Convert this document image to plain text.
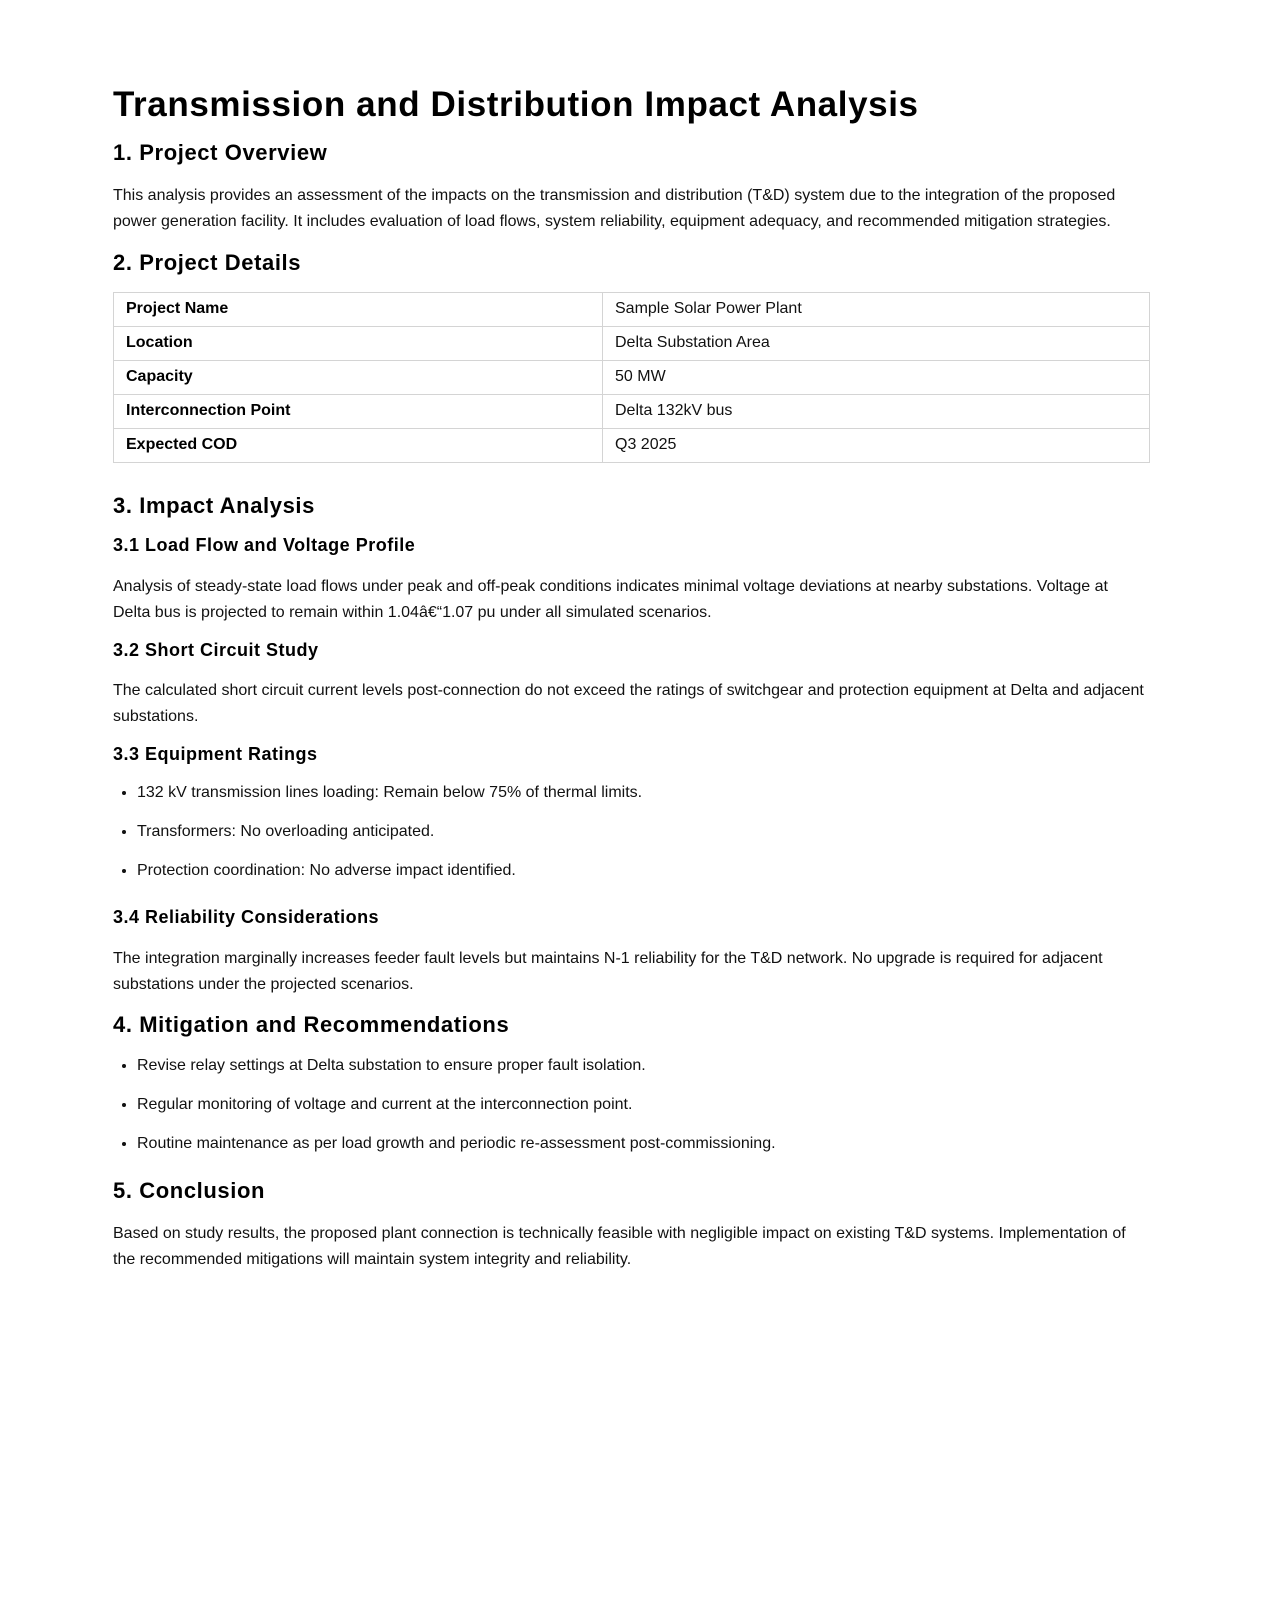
Transmission and Distribution Impact Analysis
1. Project Overview

This analysis provides an assessment of the impacts on the transmission and distribution (T&D) system due to the integration of the proposed power generation facility. It includes evaluation of load flows, system reliability, equipment adequacy, and recommended mitigation strategies.

2. Project Details
Project Name	Sample Solar Power Plant
Location	Delta Substation Area
Capacity	50 MW
Interconnection Point	Delta 132kV bus
Expected COD	Q3 2025
3. Impact Analysis
3.1 Load Flow and Voltage Profile

Analysis of steady-state load flows under peak and off-peak conditions indicates minimal voltage deviations at nearby substations. Voltage at Delta bus is projected to remain within 1.04â€“1.07 pu under all simulated scenarios.

3.2 Short Circuit Study

The calculated short circuit current levels post-connection do not exceed the ratings of switchgear and protection equipment at Delta and adjacent substations.

3.3 Equipment Ratings
• 132 kV transmission lines loading: Remain below 75% of thermal limits.
• Transformers: No overloading anticipated.
• Protection coordination: No adverse impact identified.
3.4 Reliability Considerations

The integration marginally increases feeder fault levels but maintains N-1 reliability for the T&D network. No upgrade is required for adjacent substations under the projected scenarios.

4. Mitigation and Recommendations
• Revise relay settings at Delta substation to ensure proper fault isolation.
• Regular monitoring of voltage and current at the interconnection point.
• Routine maintenance as per load growth and periodic re-assessment post-commissioning.
5. Conclusion

Based on study results, the proposed plant connection is technically feasible with negligible impact on existing T&D systems. Implementation of the recommended mitigations will maintain system integrity and reliability.
